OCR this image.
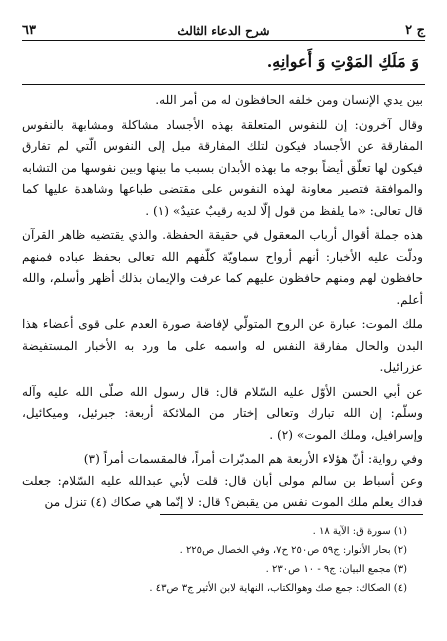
ج ٢
شرح الدعاء الثالث
٦٣
وَ مَلَكِ المَوْتِ وَ أَعوانِهِ.

بين يدي الإنسان ومن خلفه الحافظون له من أمر الله.

وقال آخرون: إن للنفوس المتعلقة بهذه الأجساد مشاكلة ومشابهة بالنفوس المفارقة عن الأجساد فيكون لتلك المفارقة ميل إلى النفوس الّتي لم تفارق فيكون لها تعلّق أيضاً بوجه ما بهذه الأبدان بسبب ما بينها وبين نفوسها من التشابه والموافقة فتصير معاونة لهذه النفوس على مقتضى طباعها وشاهدة عليها كما قال تعالى: «ما يلفظ من قول إلّا لديه رقيبٌ عتيدٌ» (١) .

هذه جملة أقوال أرباب المعقول في حقيقة الحفظة. والذي يقتضيه ظاهر القرآن ودلّت عليه الأخبار: أنهم أرواح سماويّة كلّفهم الله تعالى بحفظ عباده فمنهم حافظون لهم ومنهم حافظون عليهم كما عرفت والإيمان بذلك أظهر وأسلم، والله أعلم.

ملك الموت: عبارة عن الروح المتولّي لإفاضة صورة العدم على قوى أعضاء هذا البدن والحال مفارقة النفس له واسمه على ما ورد به الأخبار المستفيضة عزرائيل.

عن أبي الحسن الأوّل عليه السّلام قال: قال رسول الله صلّى الله عليه وآله وسلّم: إن الله تبارك وتعالى إختار من الملائكة أربعة: جبرئيل، وميكائيل، وإسرافيل، وملك الموت» (٢) .

وفي رواية: أنّ هؤلاء الأربعة هم المدبّرات أمراً، فالمقسمات أمراً (٣)

وعن أسباط بن سالم مولى أبان قال: قلت لأبي عبدالله عليه السّلام: جعلت فداك يعلم ملك الموت نفس من يقبض؟ قال: لا إنّما هي صكاك (٤) تنزل من

(١) سورة ق: الآية ١٨ .
(٢) بحار الأنوار: ج٥٩ ص٢٥٠ ح٧، وفي الخصال ص٢٢٥ .
(٣) مجمع البيان: ج٩ - ١٠ ص٢٣٠ .
(٤) الصكاك: جمع صك وهوالكتاب، النهاية لابن الأثير ج٣ ص٤٣ .
